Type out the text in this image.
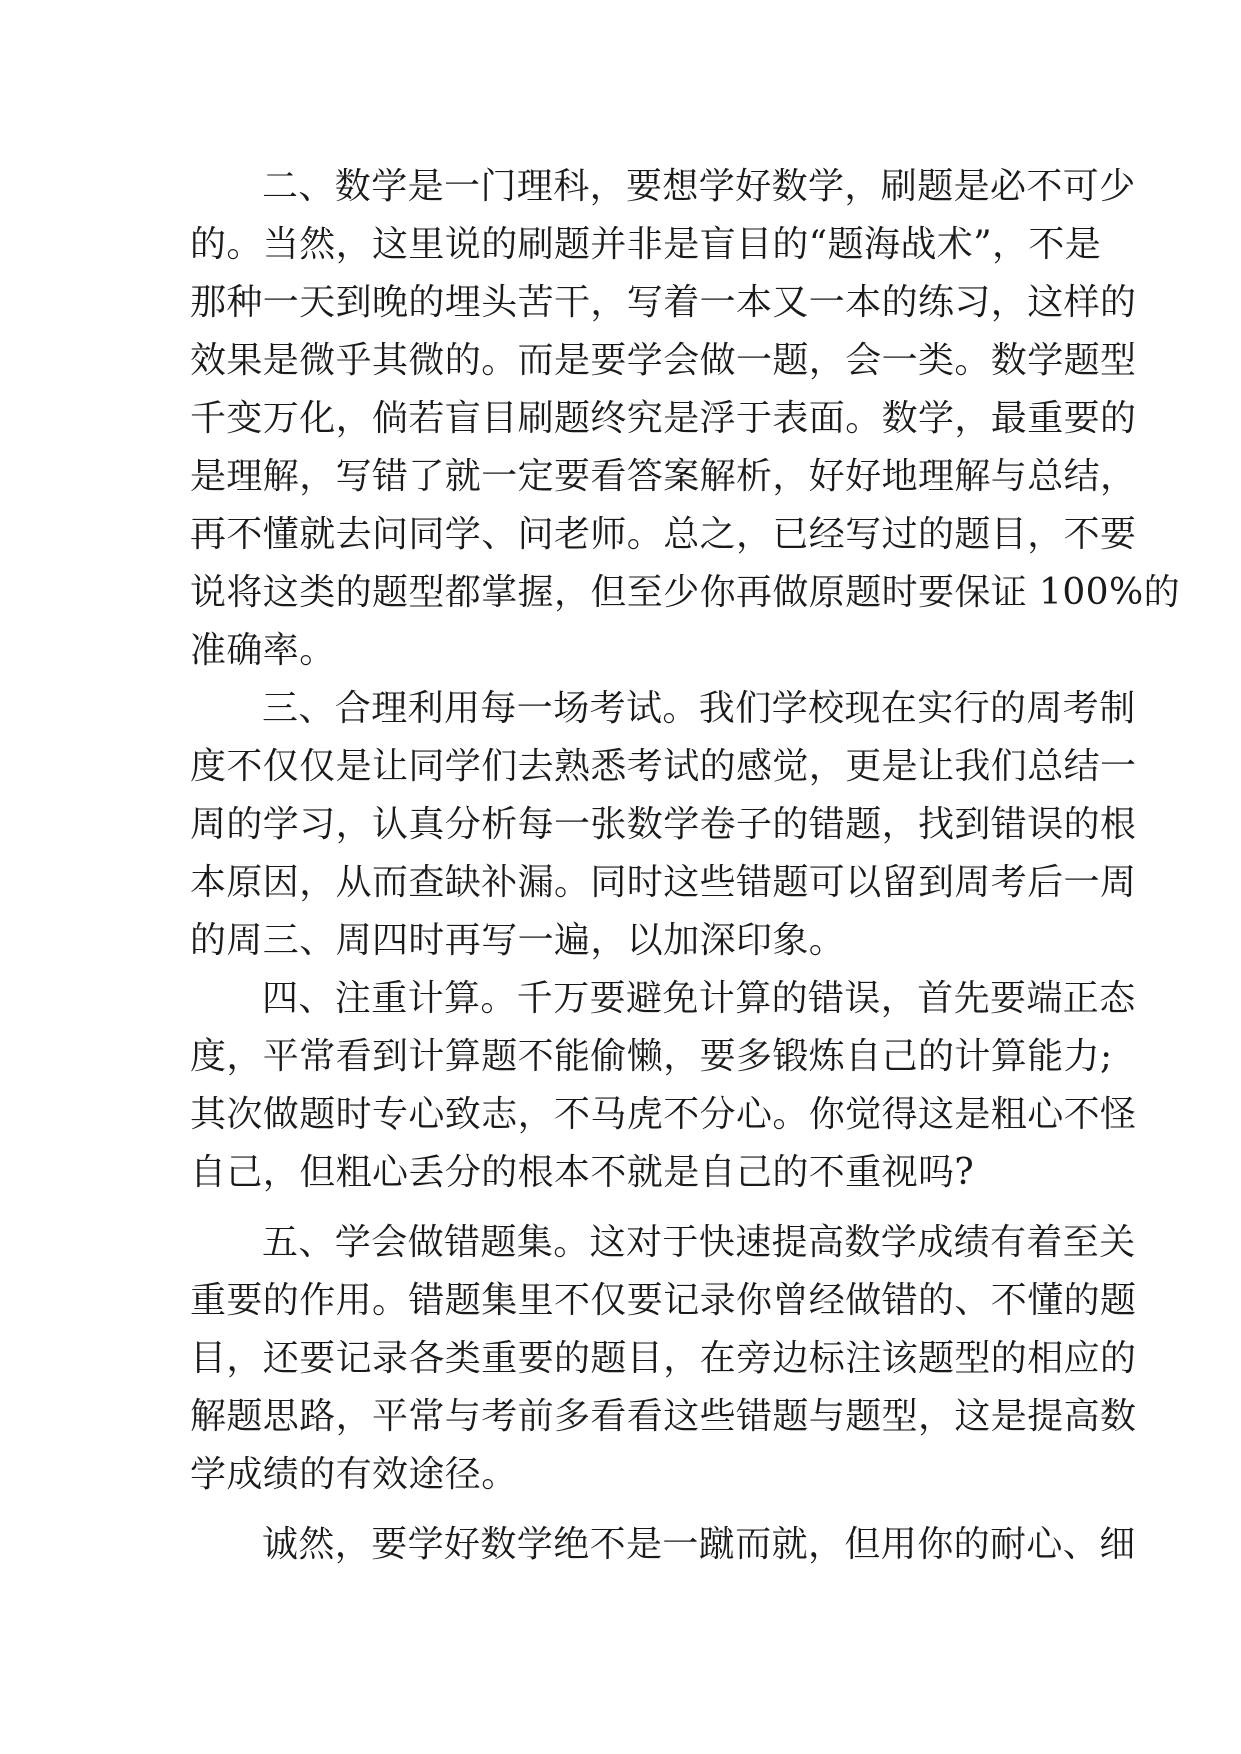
二、数学是一门理科，要想学好数学，刷题是必不可少
的。当然，这里说的刷题并非是盲目的“题海战术”，不是
那种一天到晚的埋头苦干，写着一本又一本的练习，这样的
效果是微乎其微的。而是要学会做一题，会一类。数学题型
千变万化，倘若盲目刷题终究是浮于表面。数学，最重要的
是理解，写错了就一定要看答案解析，好好地理解与总结，
再不懂就去问同学、问老师。总之，已经写过的题目，不要
说将这类的题型都掌握，但至少你再做原题时要保证 100%的
准确率。
三、合理利用每一场考试。我们学校现在实行的周考制
度不仅仅是让同学们去熟悉考试的感觉，更是让我们总结一
周的学习，认真分析每一张数学卷子的错题，找到错误的根
本原因，从而查缺补漏。同时这些错题可以留到周考后一周
的周三、周四时再写一遍，以加深印象。
四、注重计算。千万要避免计算的错误，首先要端正态
度，平常看到计算题不能偷懒，要多锻炼自己的计算能力;
其次做题时专心致志，不马虎不分心。你觉得这是粗心不怪
自己，但粗心丢分的根本不就是自己的不重视吗?
五、学会做错题集。这对于快速提高数学成绩有着至关
重要的作用。错题集里不仅要记录你曾经做错的、不懂的题
目，还要记录各类重要的题目，在旁边标注该题型的相应的
解题思路，平常与考前多看看这些错题与题型，这是提高数
学成绩的有效途径。
诚然，要学好数学绝不是一蹴而就，但用你的耐心、细
